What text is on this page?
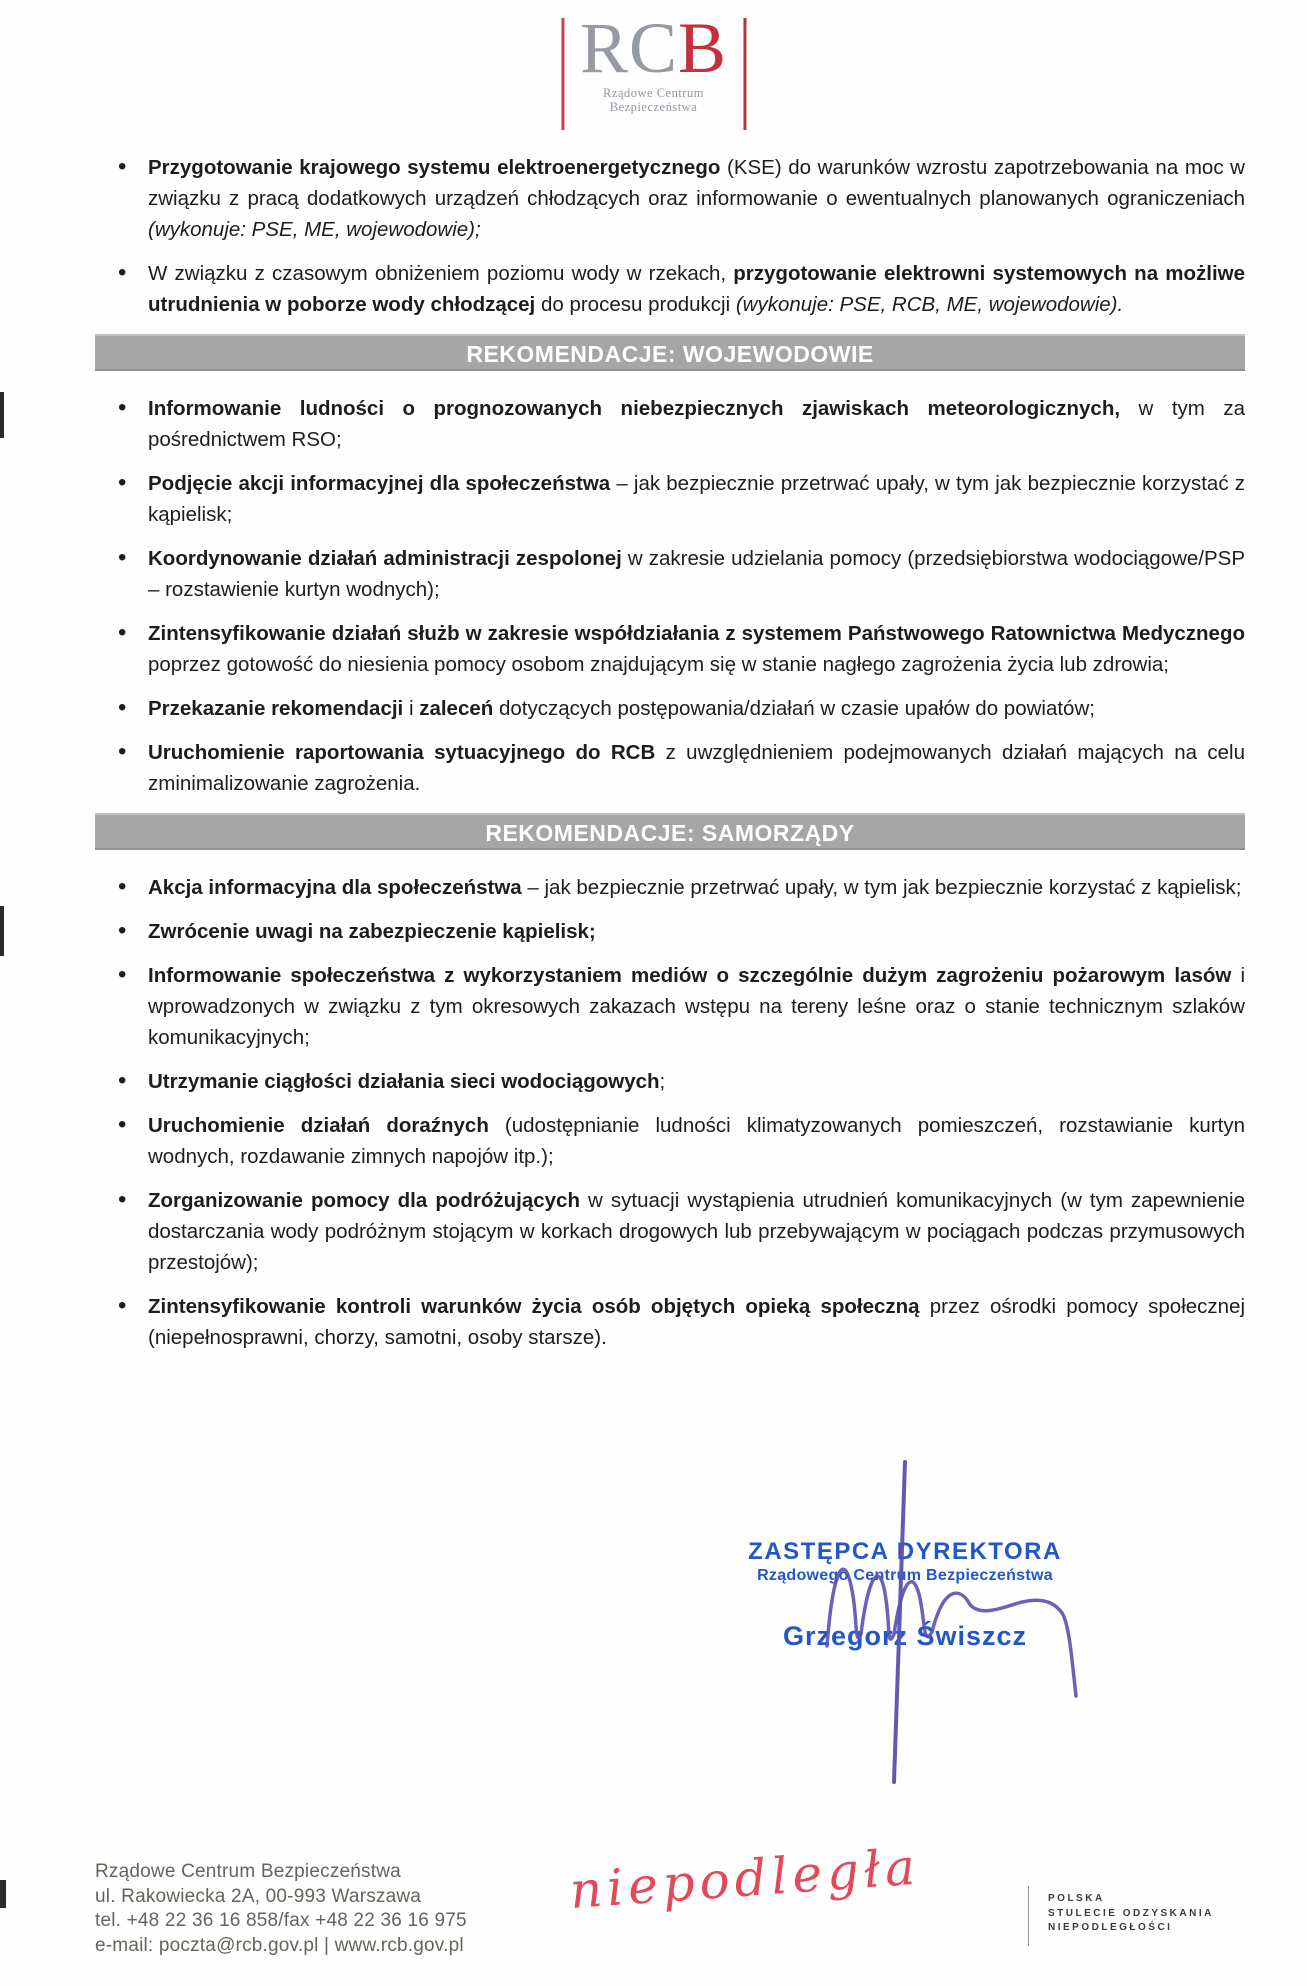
RCB
Rządowe Centrum
Bezpieczeństwa
• Przygotowanie krajowego systemu elektroenergetycznego (KSE) do warunków wzrostu zapotrzebowania na moc w związku z pracą dodatkowych urządzeń chłodzących oraz informowanie o ewentualnych planowanych ograniczeniach (wykonuje: PSE, ME, wojewodowie);
• W związku z czasowym obniżeniem poziomu wody w rzekach, przygotowanie elektrowni systemowych na możliwe utrudnienia w poborze wody chłodzącej do procesu produkcji (wykonuje: PSE, RCB, ME, wojewodowie).
REKOMENDACJE: WOJEWODOWIE
• Informowanie ludności o prognozowanych niebezpiecznych zjawiskach meteorologicznych, w tym za pośrednictwem RSO;
• Podjęcie akcji informacyjnej dla społeczeństwa – jak bezpiecznie przetrwać upały, w tym jak bezpiecznie korzystać z kąpielisk;
• Koordynowanie działań administracji zespolonej w zakresie udzielania pomocy (przedsiębiorstwa wodociągowe/PSP – rozstawienie kurtyn wodnych);
• Zintensyfikowanie działań służb w zakresie współdziałania z systemem Państwowego Ratownictwa Medycznego poprzez gotowość do niesienia pomocy osobom znajdującym się w stanie nagłego zagrożenia życia lub zdrowia;
• Przekazanie rekomendacji i zaleceń dotyczących postępowania/działań w czasie upałów do powiatów;
• Uruchomienie raportowania sytuacyjnego do RCB z uwzględnieniem podejmowanych działań mających na celu zminimalizowanie zagrożenia.
REKOMENDACJE: SAMORZĄDY
• Akcja informacyjna dla społeczeństwa – jak bezpiecznie przetrwać upały, w tym jak bezpiecznie korzystać z kąpielisk;
• Zwrócenie uwagi na zabezpieczenie kąpielisk;
• Informowanie społeczeństwa z wykorzystaniem mediów o szczególnie dużym zagrożeniu pożarowym lasów i wprowadzonych w związku z tym okresowych zakazach wstępu na tereny leśne oraz o stanie technicznym szlaków komunikacyjnych;
• Utrzymanie ciągłości działania sieci wodociągowych;
• Uruchomienie działań doraźnych (udostępnianie ludności klimatyzowanych pomieszczeń, rozstawianie kurtyn wodnych, rozdawanie zimnych napojów itp.);
• Zorganizowanie pomocy dla podróżujących w sytuacji wystąpienia utrudnień komunikacyjnych (w tym zapewnienie dostarczania wody podróżnym stojącym w korkach drogowych lub przebywającym w pociągach podczas przymusowych przestojów);
• Zintensyfikowanie kontroli warunków życia osób objętych opieką społeczną przez ośrodki pomocy społecznej (niepełnosprawni, chorzy, samotni, osoby starsze).
ZASTĘPCA DYREKTORA
Rządowego Centrum Bezpieczeństwa
Grzegorz Świszcz
Rządowe Centrum Bezpieczeństwa
ul. Rakowiecka 2A, 00-993 Warszawa
tel. +48 22 36 16 858/fax +48 22 36 16 975
e-mail: poczta@rcb.gov.pl | www.rcb.gov.pl
niepodległa	POLSKA
STULECIE ODZYSKANIA
NIEPODLEGŁOŚCI
